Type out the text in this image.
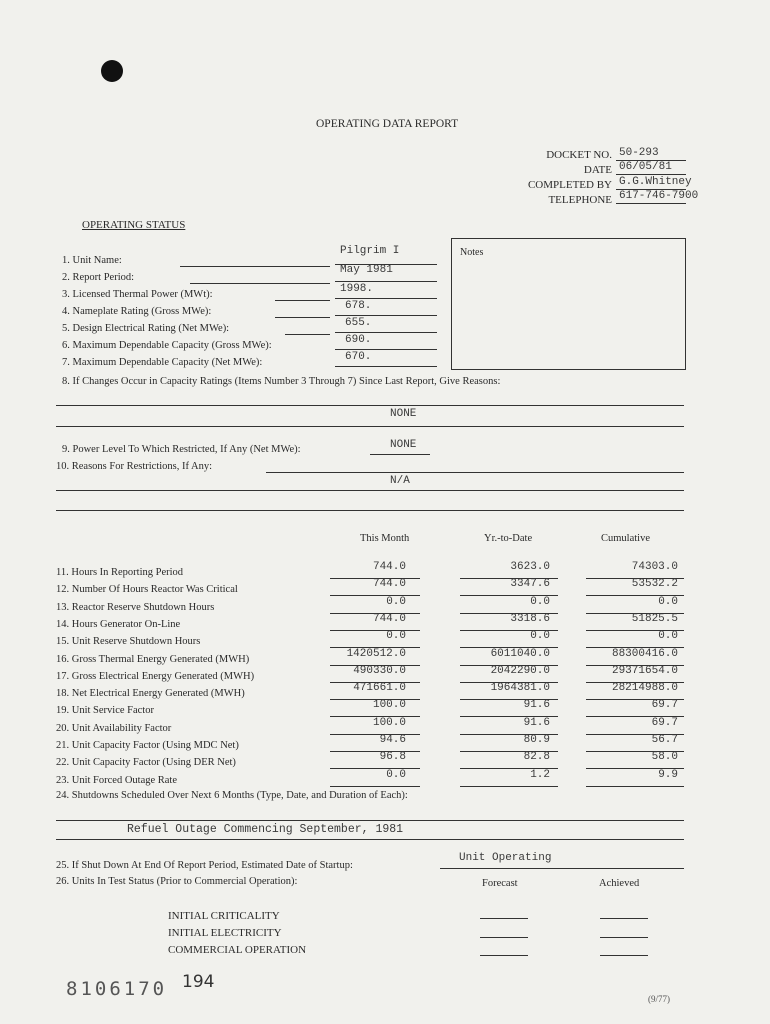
OPERATING DATA REPORT
DOCKET NO. 50-293
DATE 06/05/81
COMPLETED BY G.G.Whitney
TELEPHONE 617-746-7900
OPERATING STATUS
Notes
1. Unit Name:
Pilgrim I
2. Report Period:
May 1981
3. Licensed Thermal Power (MWt):	1998.
4. Nameplate Rating (Gross MWe):	678.
5. Design Electrical Rating (Net MWe):	655.
6. Maximum Dependable Capacity (Gross MWe):	690.
7. Maximum Dependable Capacity (Net MWe):	670.
8. If Changes Occur in Capacity Ratings (Items Number 3 Through 7) Since Last Report, Give Reasons:
NONE
9. Power Level To Which Restricted, If Any (Net MWe):	NONE
10. Reasons For Restrictions, If Any:
N/A
This Month	Yr.-to-Date	Cumulative
11. Hours In Reporting Period	744.0	3623.0	74303.0
12. Number Of Hours Reactor Was Critical	744.0	3347.6	53532.2
13. Reactor Reserve Shutdown Hours	0.0	0.0	0.0
14. Hours Generator On-Line	744.0	3318.6	51825.5
15. Unit Reserve Shutdown Hours	0.0	0.0	0.0
16. Gross Thermal Energy Generated (MWH)	1420512.0	6011040.0	88300416.0
17. Gross Electrical Energy Generated (MWH)	490330.0	2042290.0	29371654.0
18. Net Electrical Energy Generated (MWH)	471661.0	1964381.0	28214988.0
19. Unit Service Factor	100.0	91.6	69.7
20. Unit Availability Factor	100.0	91.6	69.7
21. Unit Capacity Factor (Using MDC Net)	94.6	80.9	56.7
22. Unit Capacity Factor (Using DER Net)	96.8	82.8	58.0
23. Unit Forced Outage Rate	0.0	1.2	9.9
24. Shutdowns Scheduled Over Next 6 Months (Type, Date, and Duration of Each):
Refuel Outage Commencing September, 1981
25. If Shut Down At End Of Report Period, Estimated Date of Startup:
Unit Operating
26. Units In Test Status (Prior to Commercial Operation):	Forecast	Achieved
INITIAL CRITICALITY
INITIAL ELECTRICITY
COMMERCIAL OPERATION
8106170 194
(9/77)
